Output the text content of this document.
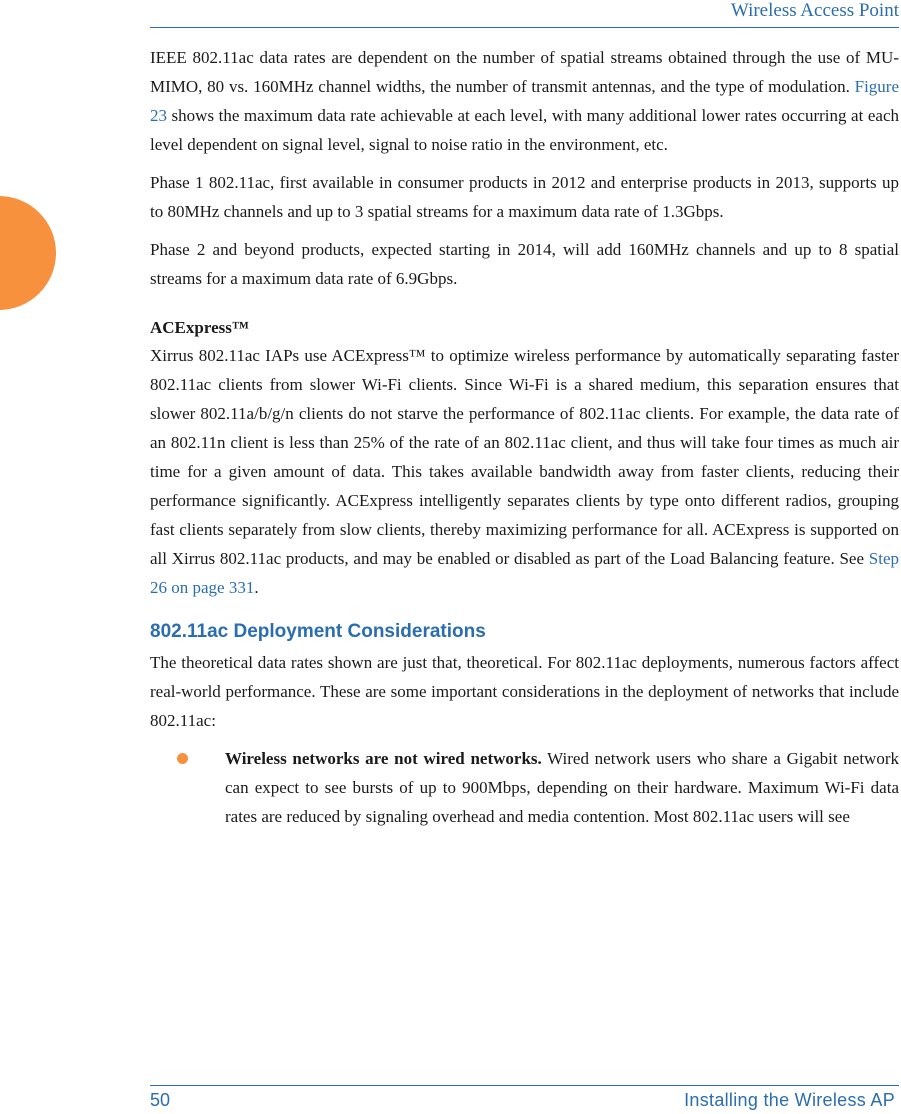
Wireless Access Point

IEEE 802.11ac data rates are dependent on the number of spatial streams obtained through the use of MU-MIMO, 80 vs. 160MHz channel widths, the number of transmit antennas, and the type of modulation. Figure 23 shows the maximum data rate achievable at each level, with many additional lower rates occurring at each level dependent on signal level, signal to noise ratio in the environment, etc.

Phase 1 802.11ac, first available in consumer products in 2012 and enterprise products in 2013, supports up to 80MHz channels and up to 3 spatial streams for a maximum data rate of 1.3Gbps.

Phase 2 and beyond products, expected starting in 2014, will add 160MHz channels and up to 8 spatial streams for a maximum data rate of 6.9Gbps.

ACExpress™

Xirrus 802.11ac IAPs use ACExpress™ to optimize wireless performance by automatically separating faster 802.11ac clients from slower Wi-Fi clients. Since Wi-Fi is a shared medium, this separation ensures that slower 802.11a/b/g/n clients do not starve the performance of 802.11ac clients. For example, the data rate of an 802.11n client is less than 25% of the rate of an 802.11ac client, and thus will take four times as much air time for a given amount of data. This takes available bandwidth away from faster clients, reducing their performance significantly. ACExpress intelligently separates clients by type onto different radios, grouping fast clients separately from slow clients, thereby maximizing performance for all. ACExpress is supported on all Xirrus 802.11ac products, and may be enabled or disabled as part of the Load Balancing feature. See Step 26 on page 331.

802.11ac Deployment Considerations

The theoretical data rates shown are just that, theoretical. For 802.11ac deployments, numerous factors affect real-world performance. These are some important considerations in the deployment of networks that include 802.11ac:

Wireless networks are not wired networks. Wired network users who share a Gigabit network can expect to see bursts of up to 900Mbps, depending on their hardware. Maximum Wi-Fi data rates are reduced by signaling overhead and media contention. Most 802.11ac users will see

50	Installing the Wireless AP
